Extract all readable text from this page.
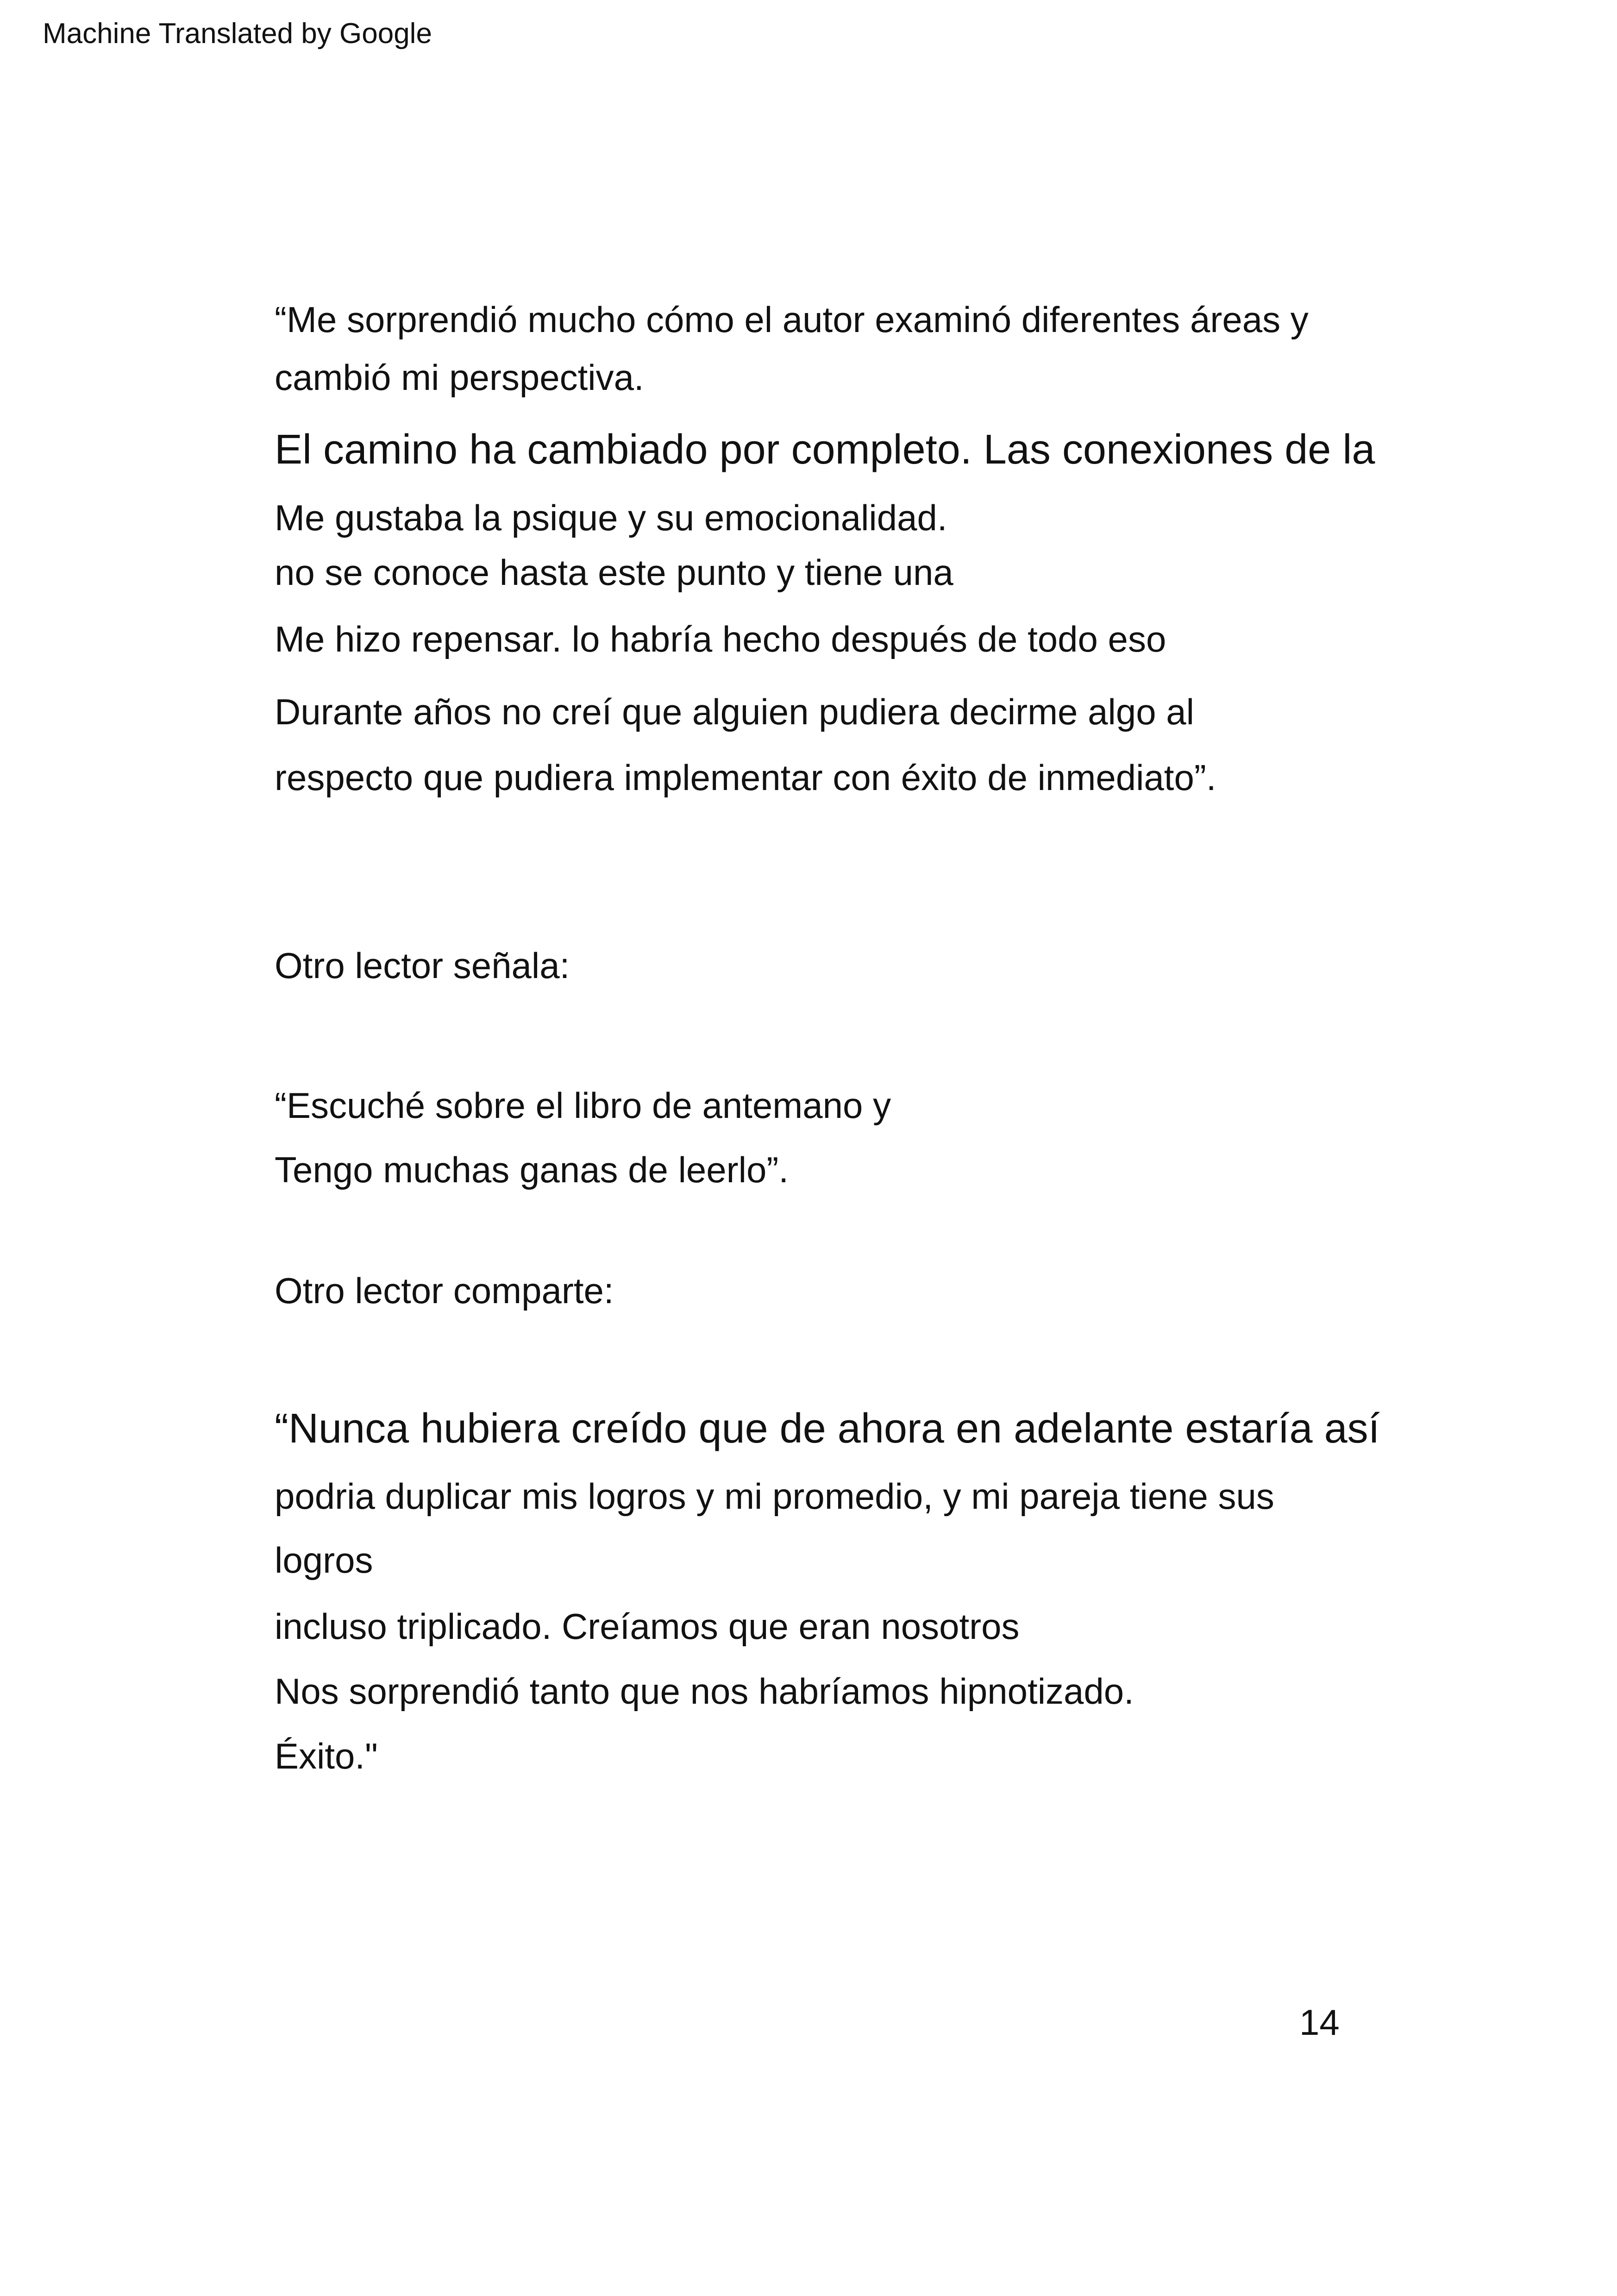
Machine Translated by Google
“Me sorprendió mucho cómo el autor examinó diferentes áreas y
cambió mi perspectiva.
El camino ha cambiado por completo. Las conexiones de la
Me gustaba la psique y su emocionalidad.
no se conoce hasta este punto y tiene una
Me hizo repensar. lo habría hecho después de todo eso
Durante años no creí que alguien pudiera decirme algo al
respecto que pudiera implementar con éxito de inmediato”.
Otro lector señala:
“Escuché sobre el libro de antemano y
Tengo muchas ganas de leerlo”.
Otro lector comparte:
“Nunca hubiera creído que de ahora en adelante estaría así
podria duplicar mis logros y mi promedio, y mi pareja tiene sus
logros
incluso triplicado. Creíamos que eran nosotros
Nos sorprendió tanto que nos habríamos hipnotizado.
Éxito."
14
